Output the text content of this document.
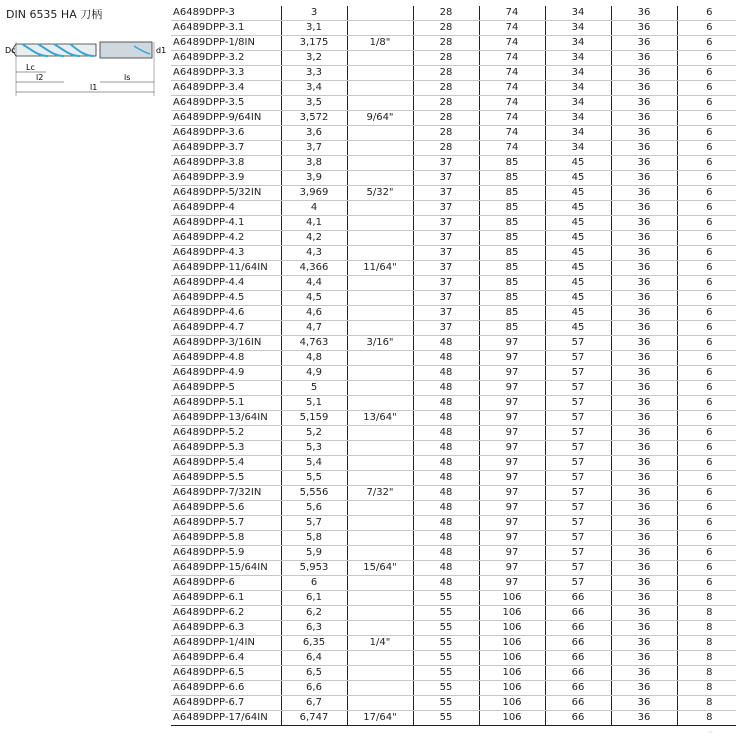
DIN 6535 HA 刀柄
Dc	d1
Lc
l2
l1
ls
A6489DPP-3	3		28	74	34	36	6
A6489DPP-3.1	3,1		28	74	34	36	6
A6489DPP-1/8IN	3,175	1/8"	28	74	34	36	6
A6489DPP-3.2	3,2		28	74	34	36	6
A6489DPP-3.3	3,3		28	74	34	36	6
A6489DPP-3.4	3,4		28	74	34	36	6
A6489DPP-3.5	3,5		28	74	34	36	6
A6489DPP-9/64IN	3,572	9/64"	28	74	34	36	6
A6489DPP-3.6	3,6		28	74	34	36	6
A6489DPP-3.7	3,7		28	74	34	36	6
A6489DPP-3.8	3,8		37	85	45	36	6
A6489DPP-3.9	3,9		37	85	45	36	6
A6489DPP-5/32IN	3,969	5/32"	37	85	45	36	6
A6489DPP-4	4		37	85	45	36	6
A6489DPP-4.1	4,1		37	85	45	36	6
A6489DPP-4.2	4,2		37	85	45	36	6
A6489DPP-4.3	4,3		37	85	45	36	6
A6489DPP-11/64IN	4,366	11/64"	37	85	45	36	6
A6489DPP-4.4	4,4		37	85	45	36	6
A6489DPP-4.5	4,5		37	85	45	36	6
A6489DPP-4.6	4,6		37	85	45	36	6
A6489DPP-4.7	4,7		37	85	45	36	6
A6489DPP-3/16IN	4,763	3/16"	48	97	57	36	6
A6489DPP-4.8	4,8		48	97	57	36	6
A6489DPP-4.9	4,9		48	97	57	36	6
A6489DPP-5	5		48	97	57	36	6
A6489DPP-5.1	5,1		48	97	57	36	6
A6489DPP-13/64IN	5,159	13/64"	48	97	57	36	6
A6489DPP-5.2	5,2		48	97	57	36	6
A6489DPP-5.3	5,3		48	97	57	36	6
A6489DPP-5.4	5,4		48	97	57	36	6
A6489DPP-5.5	5,5		48	97	57	36	6
A6489DPP-7/32IN	5,556	7/32"	48	97	57	36	6
A6489DPP-5.6	5,6		48	97	57	36	6
A6489DPP-5.7	5,7		48	97	57	36	6
A6489DPP-5.8	5,8		48	97	57	36	6
A6489DPP-5.9	5,9		48	97	57	36	6
A6489DPP-15/64IN	5,953	15/64"	48	97	57	36	6
A6489DPP-6	6		48	97	57	36	6
A6489DPP-6.1	6,1		55	106	66	36	8
A6489DPP-6.2	6,2		55	106	66	36	8
A6489DPP-6.3	6,3		55	106	66	36	8
A6489DPP-1/4IN	6,35	1/4"	55	106	66	36	8
A6489DPP-6.4	6,4		55	106	66	36	8
A6489DPP-6.5	6,5		55	106	66	36	8
A6489DPP-6.6	6,6		55	106	66	36	8
A6489DPP-6.7	6,7		55	106	66	36	8
A6489DPP-17/64IN	6,747	17/64"	55	106	66	36	8
··
